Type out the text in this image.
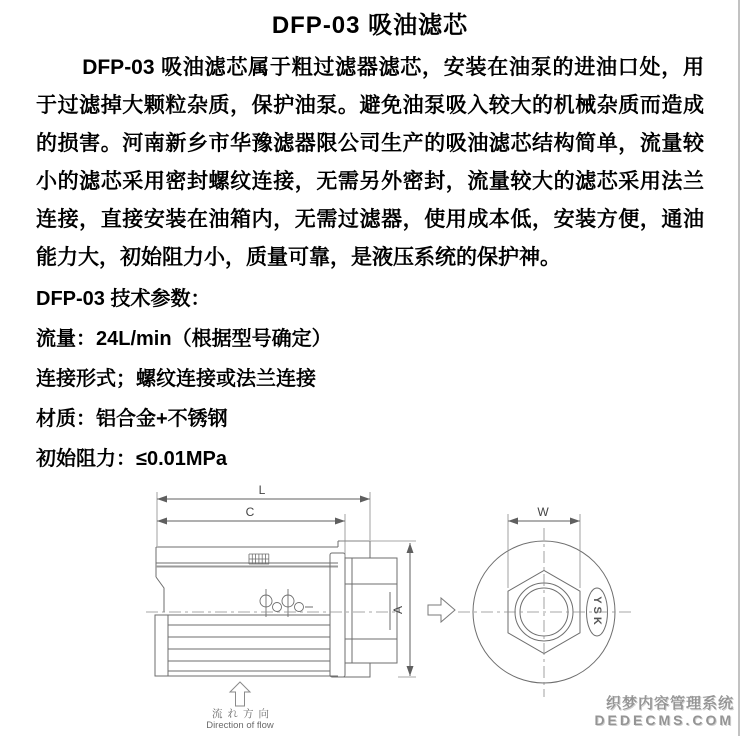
DFP-03 吸油滤芯

DFP-03 吸油滤芯属于粗过滤器滤芯，安装在油泵的进油口处，用于过滤掉大颗粒杂质，保护油泵。避免油泵吸入较大的机械杂质而造成的损害。河南新乡市华豫滤器限公司生产的吸油滤芯结构简单，流量较小的滤芯采用密封螺纹连接，无需另外密封，流量较大的滤芯采用法兰连接，直接安装在油箱内，无需过滤器，使用成本低，安装方便，通油能力大，初始阻力小，质量可靠，是液压系统的保护神。

DFP-03 技术参数：
流量：24L/min（根据型号确定）
连接形式；螺纹连接或法兰连接
材质：铝合金+不锈钢
初始阻力：≤0.01MPa
L
C
A	YSK
W
流れ方向
Direction of flow
织梦内容管理系统
DEDECMS.COM
